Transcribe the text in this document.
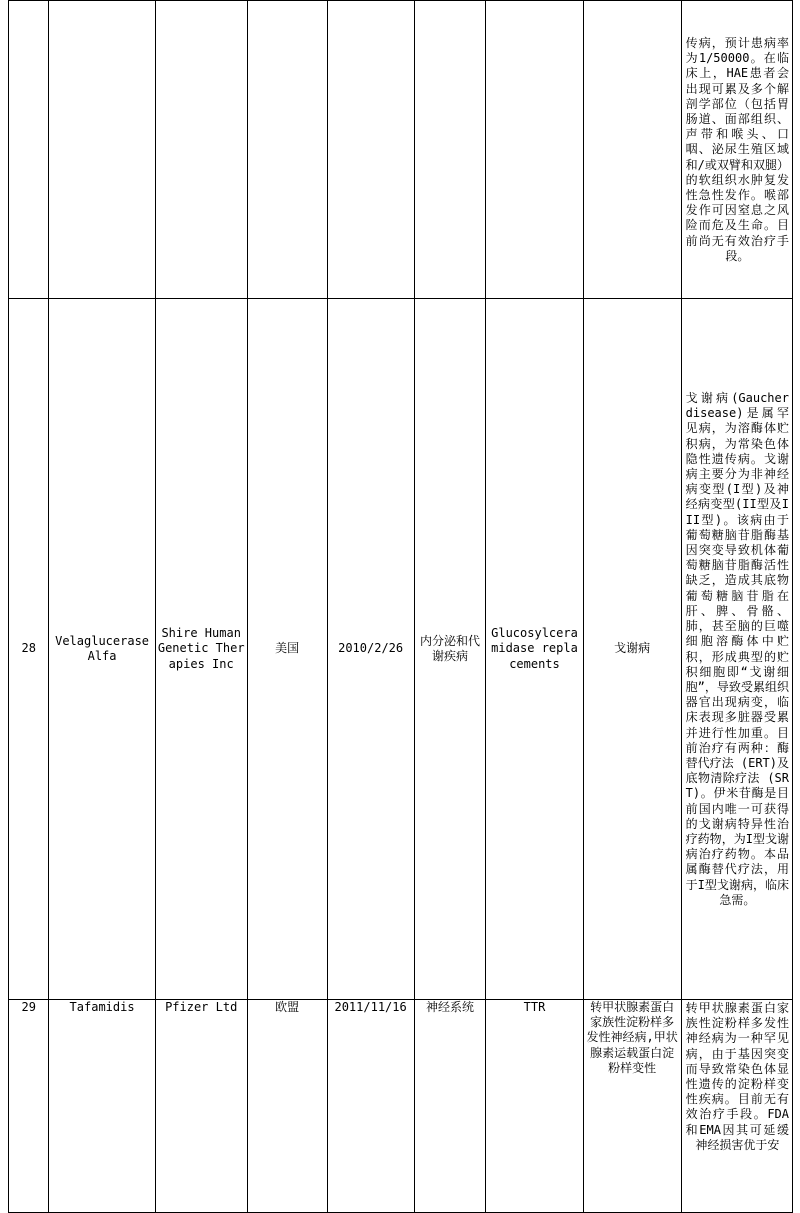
								传病，预计患病率为1/50000。在临床上，HAE患者会出现可累及多个解剖学部位（包括胃肠道、面部组织、声带和喉头、口咽、泌尿生殖区域和/或双臂和双腿）的软组织水肿复发性急性发作。喉部发作可因窒息之风险而危及生命。目前尚无有效治疗手段。
28	Velaglucerase Alfa	Shire Human Genetic Therapies Inc	美国	2010/2/26	内分泌和代谢疾病	Glucosylceramidase replacements	戈谢病	戈谢病(Gaucher disease)是属罕见病，为溶酶体贮积病，为常染色体隐性遗传病。戈谢病主要分为非神经病变型(I型)及神经病变型(II型及III型)。该病由于葡萄糖脑苷脂酶基因突变导致机体葡萄糖脑苷脂酶活性缺乏，造成其底物葡萄糖脑苷脂在肝、脾、骨骼、肺，甚至脑的巨噬细胞溶酶体中贮积，形成典型的贮积细胞即“戈谢细胞”，导致受累组织器官出现病变，临床表现多脏器受累并进行性加重。目前治疗有两种：酶替代疗法 (ERT)及底物清除疗法 (SRT)。伊米苷酶是目前国内唯一可获得的戈谢病特异性治疗药物，为I型戈谢病治疗药物。本品属酶替代疗法，用于I型戈谢病，临床急需。
29	Tafamidis	Pfizer Ltd	欧盟	2011/11/16	神经系统	TTR	转甲状腺素蛋白家族性淀粉样多发性神经病,甲状腺素运载蛋白淀粉样变性	转甲状腺素蛋白家族性淀粉样多发性神经病为一种罕见病，由于基因突变而导致常染色体显性遗传的淀粉样变性疾病。目前无有效治疗手段。FDA和EMA因其可延缓神经损害优于安
